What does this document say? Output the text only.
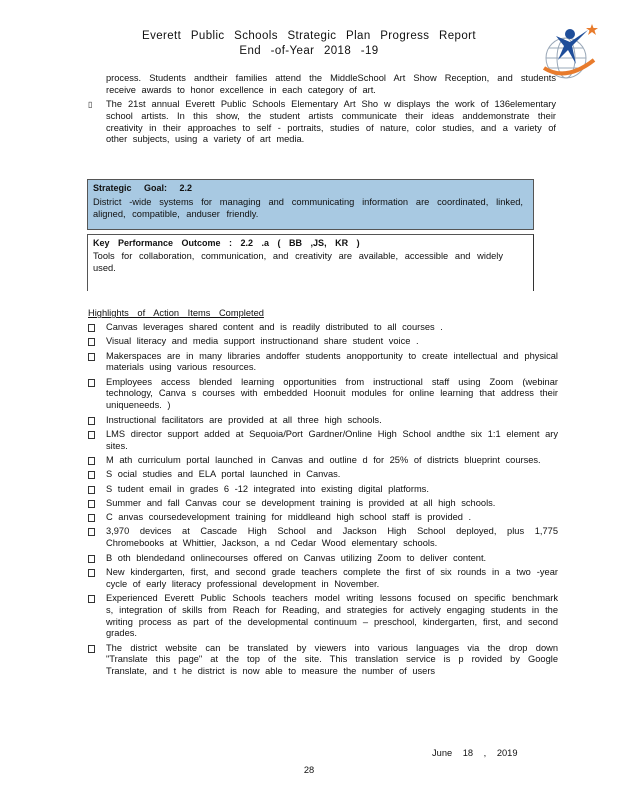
Everett Public Schools Strategic Plan Progress Report
End -of-Year 2018 -19
process. Students andtheir families attend the MiddleSchool Art Show Reception, and students receive awards to honor excellence in each category of art.
▯ The 21st annual Everett Public Schools Elementary Art Sho w displays the work of 136elementary school artists. In this show, the student artists communicate their ideas anddemonstrate their creativity in their approaches to self - portraits, studies of nature, color studies, and a variety of other subjects, using a variety of art media.
Strategic Goal: 2.2
District -wide systems for managing and communicating information are coordinated, linked, aligned, compatible, anduser friendly.
Key Performance Outcome : 2.2 .a ( BB ,JS, KR )
Tools for collaboration, communication, and creativity are available, accessible and widely used.
Highlights of Action Items Completed
Canvas leverages shared content and is readily distributed to all courses .
Visual literacy and media support instructionand share student voice .
Makerspaces are in many libraries andoffer students anopportunity to create intellectual and physical materials using various resources.
Employees access blended learning opportunities from instructional staff using Zoom (webinar technology, Canva s courses with embedded Hoonuit modules for online learning that address their uniqueneeds. )
Instructional facilitators are provided at all three high schools.
LMS director support added at Sequoia/Port Gardner/Online High School andthe six 1:1 element ary sites.
M ath curriculum portal launched in Canvas and outline d for 25% of districts blueprint courses.
S ocial studies and ELA portal launched in Canvas.
S tudent email in grades 6 -12 integrated into existing digital platforms.
Summer and fall Canvas cour se development training is provided at all high schools.
C anvas coursedevelopment training for middleand high school staff is provided .
3,970 devices at Cascade High School and Jackson High School deployed, plus 1,775 Chromebooks at Whittier, Jackson, a nd Cedar Wood elementary schools.
B oth blendedand onlinecourses offered on Canvas utilizing Zoom to deliver content.
New kindergarten, first, and second grade teachers complete the first of six rounds in a two -year cycle of early literacy professional development in November.
Experienced Everett Public Schools teachers model writing lessons focused on specific benchmark s, integration of skills from Reach for Reading, and strategies for actively engaging students in the writing process as part of the developmental continuum – preschool, kindergarten, first, and second grades.
The district website can be translated by viewers into various languages via the drop down "Translate this page" at the top of the site. This translation service is p rovided by Google Translate, and t he district is now able to measure the number of users
June 18 , 2019
28
